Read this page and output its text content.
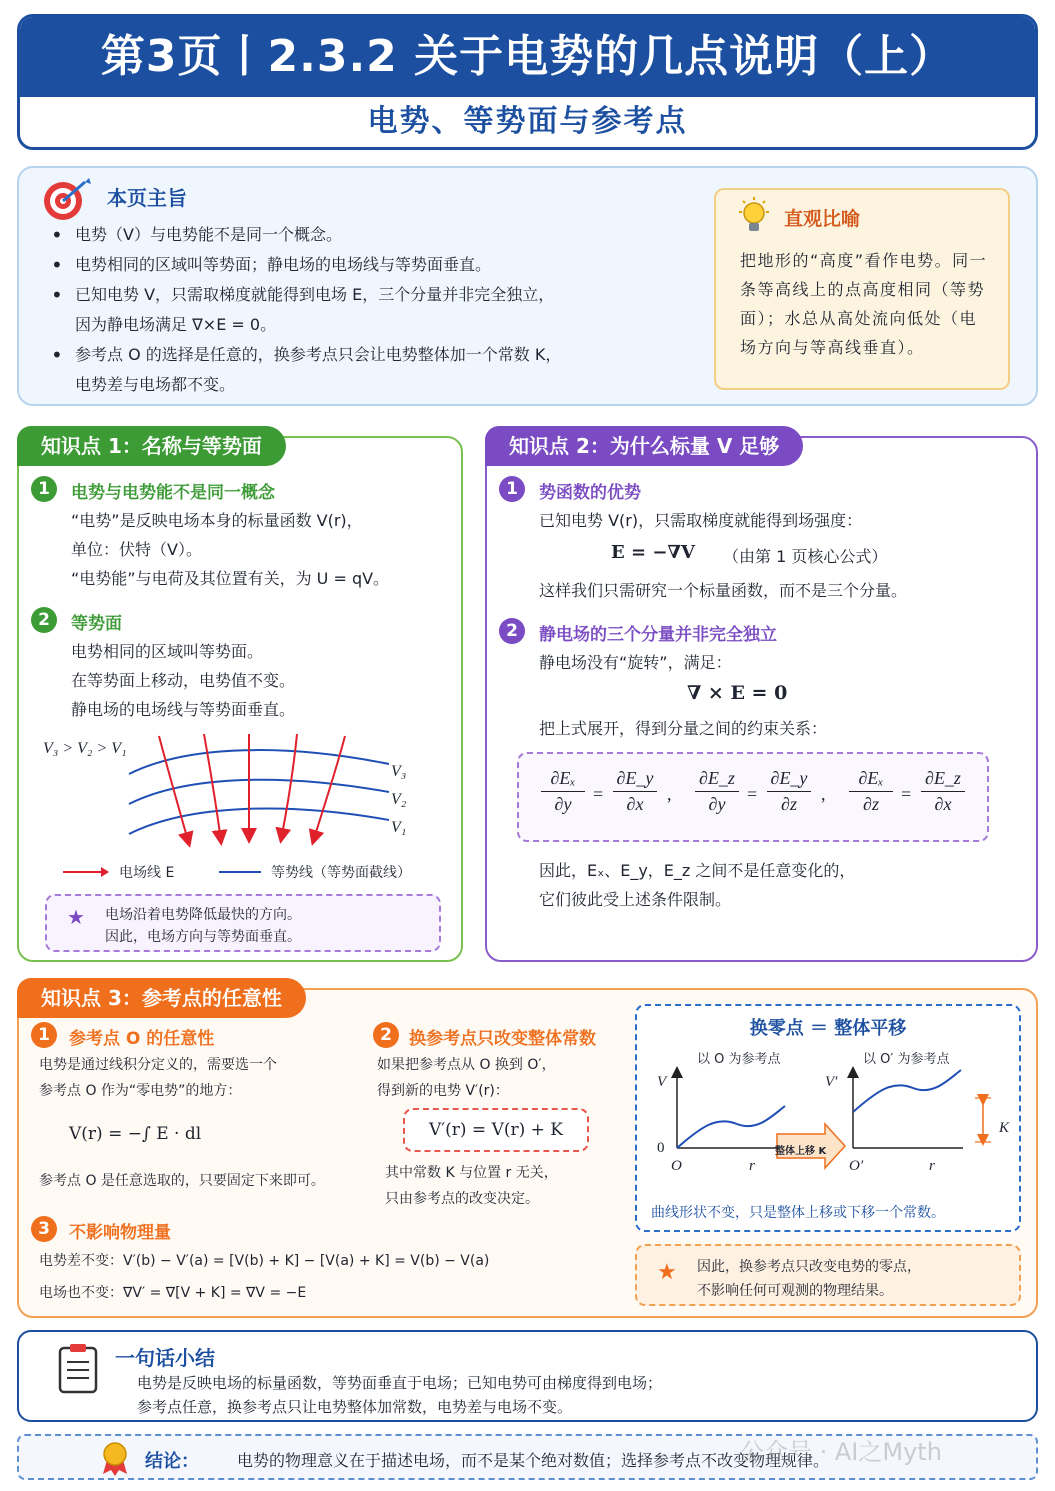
第3页丨2.3.2 关于电势的几点说明（上）
电势、等势面与参考点
本页主旨
• 电势（V）与电势能不是同一个概念。
• 电势相同的区域叫等势面；静电场的电场线与等势面垂直。
• 已知电势 V，只需取梯度就能得到电场 E，三个分量并非完全独立，
因为静电场满足 ∇×E = 0。
• 参考点 O 的选择是任意的，换参考点只会让电势整体加一个常数 K，
电势差与电场都不变。
直观比喻
把地形的“高度”看作电势。同一条等高线上的点高度相同（等势面）；水总从高处流向低处（电场方向与等高线垂直）。
知识点 1：名称与等势面
1	电势与电势能不是同一概念
“电势”是反映电场本身的标量函数 V(r)，
单位：伏特（V）。
“电势能”与电荷及其位置有关，为 U = qV。
2	等势面
电势相同的区域叫等势面。
在等势面上移动，电势值不变。
静电场的电场线与等势面垂直。
V₃ > V₂ > V₁
V₃
V₂
V₁
电场线 E	等势线（等势面截线）
★ 电场沿着电势降低最快的方向。
因此，电场方向与等势面垂直。
知识点 2：为什么标量 V 足够
1	势函数的优势
已知电势 V(r)，只需取梯度就能得到场强度：
E = −∇V （由第 1 页核心公式）
这样我们只需研究一个标量函数，而不是三个分量。
2	静电场的三个分量并非完全独立
静电场没有“旋转”，满足：
∇ × E = 0
把上式展开，得到分量之间的约束关系：
$\frac{\text{∂Eₓ}}{\partial y} = \frac{\partial E\_y}{\partial x}$ , $\frac{\partial E\_z}{\partial y} = \frac{\partial E\_y}{\partial z}$ , $\frac{\text{∂Eₓ}}{\partial z} = \frac{\partial E\_z}{\partial x}$
因此，Eₓ、E_y，E_z 之间不是任意变化的，
它们彼此受上述条件限制。
知识点 3：参考点的任意性
1	参考点 O 的任意性
电势是通过线积分定义的，需要选一个
参考点 O 作为“零电势”的地方：
V(r) = −∫ E · dl
参考点 O 是任意选取的，只要固定下来即可。
2	换参考点只改变整体常数
如果把参考点从 O 换到 O′，
得到新的电势 V′(r)：
V′(r) = V(r) + K
其中常数 K 与位置 r 无关，
只由参考点的改变决定。
3	不影响物理量
电势差不变：V′(b) − V′(a) = [V(b) + K] − [V(a) + K] = V(b) − V(a)
电场也不变：∇V′ = ∇[V + K] = ∇V = −E
换零点 ＝ 整体平移
以 O 为参考点	以 O′ 为参考点
V
0
O	r
V′
O′	r
K
整体上移 K
曲线形状不变，只是整体上移或下移一个常数。
★ 因此，换参考点只改变电势的零点，
不影响任何可观测的物理结果。
一句话小结
电势是反映电场的标量函数，等势面垂直于电场；已知电势可由梯度得到电场；
参考点任意，换参考点只让电势整体加常数，电势差与电场不变。
结论： 电势的物理意义在于描述电场，而不是某个绝对数值；选择参考点不改变物理规律。
公众号 · AI之Myth
